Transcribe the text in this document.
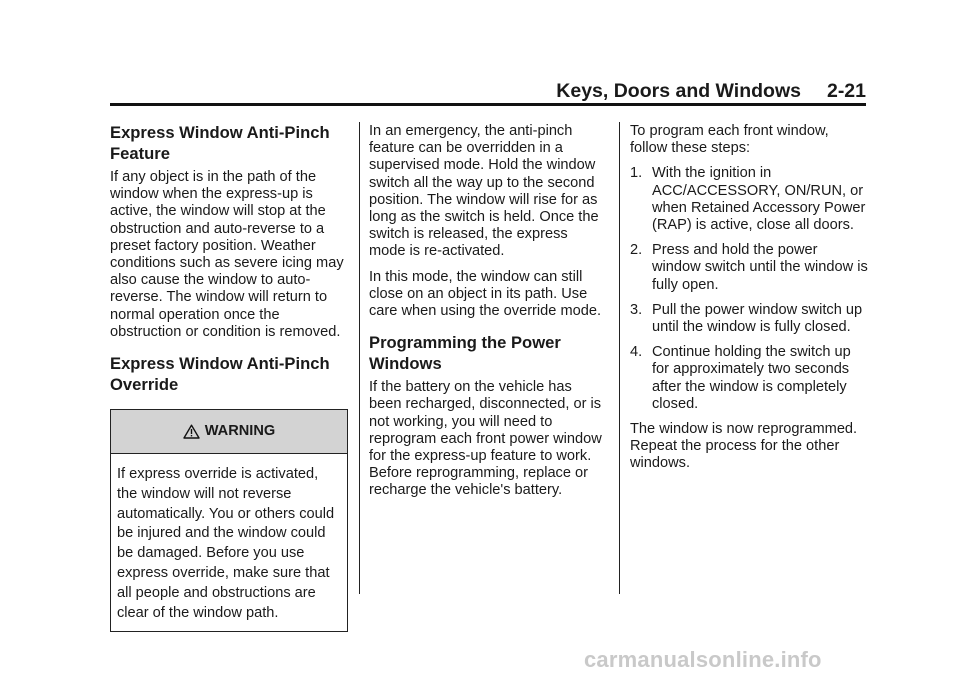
Keys, Doors and Windows 2-21
Express Window Anti-Pinch Feature

If any object is in the path of the window when the express-up is active, the window will stop at the obstruction and auto-reverse to a preset factory position. Weather conditions such as severe icing may also cause the window to auto-reverse. The window will return to normal operation once the obstruction or condition is removed.

Express Window Anti-Pinch Override
WARNING
If express override is activated, the window will not reverse automatically. You or others could be injured and the window could be damaged. Before you use express override, make sure that all people and obstructions are clear of the window path.

In an emergency, the anti-pinch feature can be overridden in a supervised mode. Hold the window switch all the way up to the second position. The window will rise for as long as the switch is held. Once the switch is released, the express mode is re-activated.

In this mode, the window can still close on an object in its path. Use care when using the override mode.

Programming the Power Windows

If the battery on the vehicle has been recharged, disconnected, or is not working, you will need to reprogram each front power window for the express-up feature to work. Before reprogramming, replace or recharge the vehicle's battery.

To program each front window, follow these steps:

1. With the ignition in ACC/ACCESSORY, ON/RUN, or when Retained Accessory Power (RAP) is active, close all doors.
2. Press and hold the power window switch until the window is fully open.
3. Pull the power window switch up until the window is fully closed.
4. Continue holding the switch up for approximately two seconds after the window is completely closed.

The window is now reprogrammed. Repeat the process for the other windows.

carmanualsonline.info
